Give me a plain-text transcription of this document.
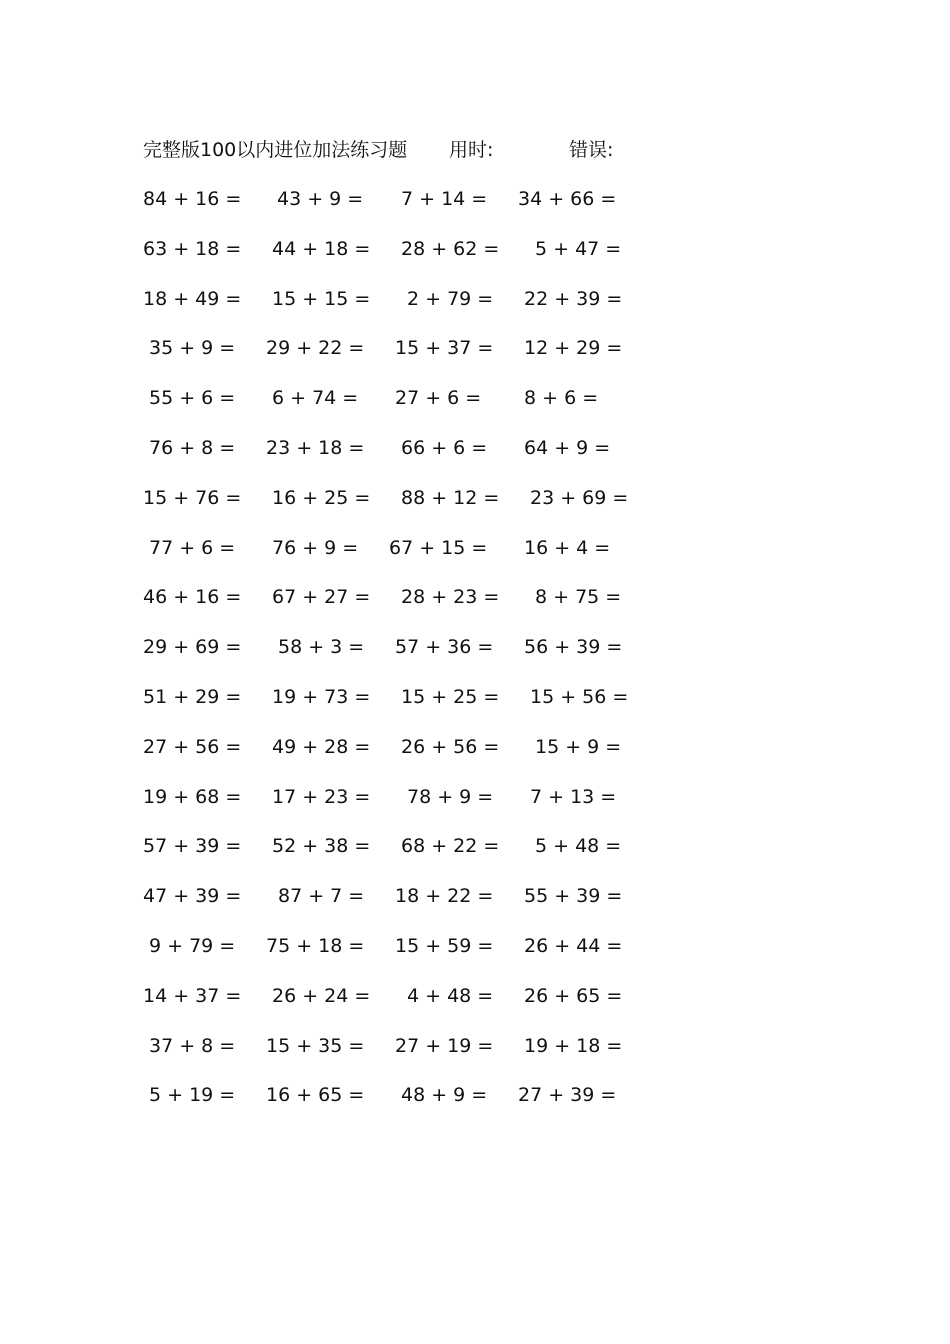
完整版100以内进位加法练习题 用时:	错误:
84 + 16 = 43 + 9 = 7 + 14 = 34 + 66 =
63 + 18 = 44 + 18 = 28 + 62 = 5 + 47 =
18 + 49 = 15 + 15 = 2 + 79 = 22 + 39 =
35 + 9 = 29 + 22 = 15 + 37 = 12 + 29 =
55 + 6 = 6 + 74 = 27 + 6 = 8 + 6 =
76 + 8 = 23 + 18 = 66 + 6 = 64 + 9 =
15 + 76 = 16 + 25 = 88 + 12 = 23 + 69 =
77 + 6 = 76 + 9 = 67 + 15 = 16 + 4 =
46 + 16 = 67 + 27 = 28 + 23 = 8 + 75 =
29 + 69 = 58 + 3 = 57 + 36 = 56 + 39 =
51 + 29 = 19 + 73 = 15 + 25 = 15 + 56 =
27 + 56 = 49 + 28 = 26 + 56 = 15 + 9 =
19 + 68 = 17 + 23 = 78 + 9 = 7 + 13 =
57 + 39 = 52 + 38 = 68 + 22 = 5 + 48 =
47 + 39 = 87 + 7 = 18 + 22 = 55 + 39 =
9 + 79 = 75 + 18 = 15 + 59 = 26 + 44 =
14 + 37 = 26 + 24 = 4 + 48 = 26 + 65 =
37 + 8 = 15 + 35 = 27 + 19 = 19 + 18 =
5 + 19 = 16 + 65 = 48 + 9 = 27 + 39 =
